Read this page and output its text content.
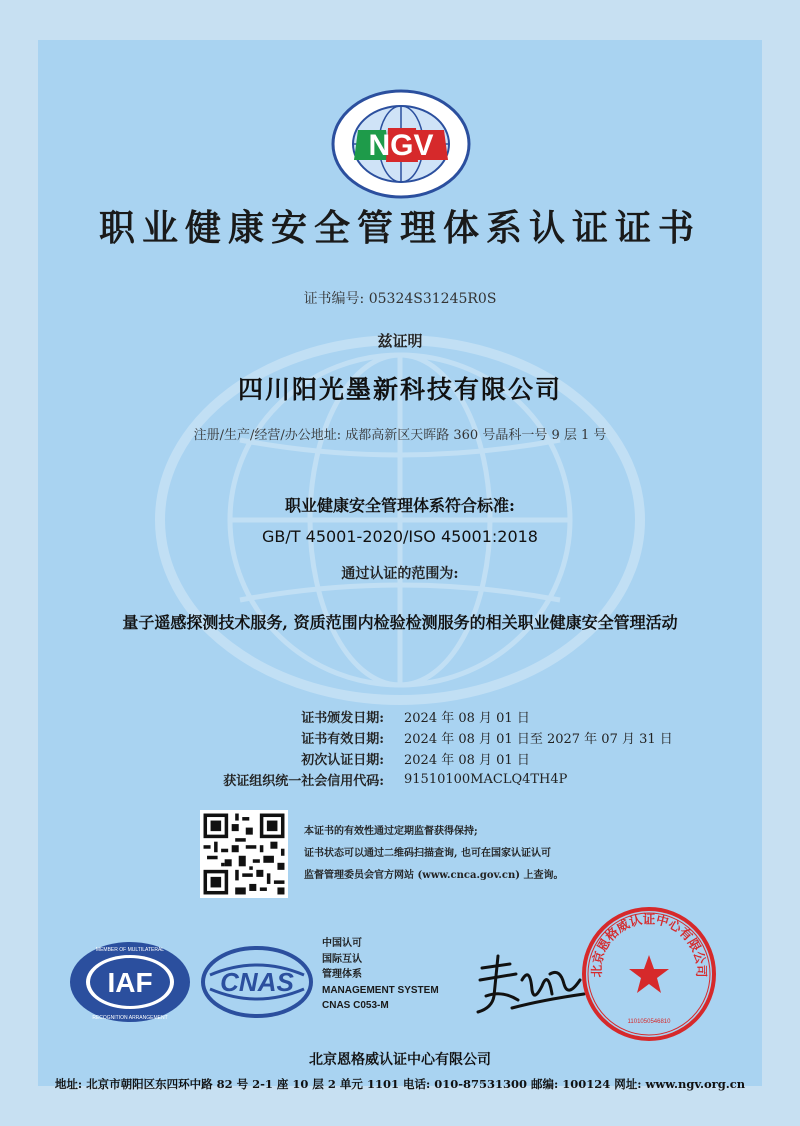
NGV
职业健康安全管理体系认证证书
证书编号: 05324S31245R0S
兹证明
四川阳光墨新科技有限公司
注册/生产/经营/办公地址: 成都高新区天晖路 360 号晶科一号 9 层 1 号
职业健康安全管理体系符合标准:
GB/T 45001-2020/ISO 45001:2018
通过认证的范围为:
量子遥感探测技术服务, 资质范围内检验检测服务的相关职业健康安全管理活动
证书颁发日期:	2024 年 08 月 01 日
证书有效日期:	2024 年 08 月 01 日至 2027 年 07 月 31 日
初次认证日期:	2024 年 08 月 01 日
获证组织统一社会信用代码:	91510100MACLQ4TH4P
本证书的有效性通过定期监督获得保持;
证书状态可以通过二维码扫描查询, 也可在国家认证认可
监督管理委员会官方网站 (www.cnca.gov.cn) 上查询。
IAF
MEMBER OF MULTILATERAL
RECOGNITION ARRANGEMENT
CNAS
中国认可
国际互认
管理体系
MANAGEMENT SYSTEM
CNAS C053-M
北京恩格威认证中心有限公司
1101050546810
北京恩格威认证中心有限公司
地址: 北京市朝阳区东四环中路 82 号 2-1 座 10 层 2 单元 1101 电话: 010-87531300 邮编: 100124 网址: www.ngv.org.cn
